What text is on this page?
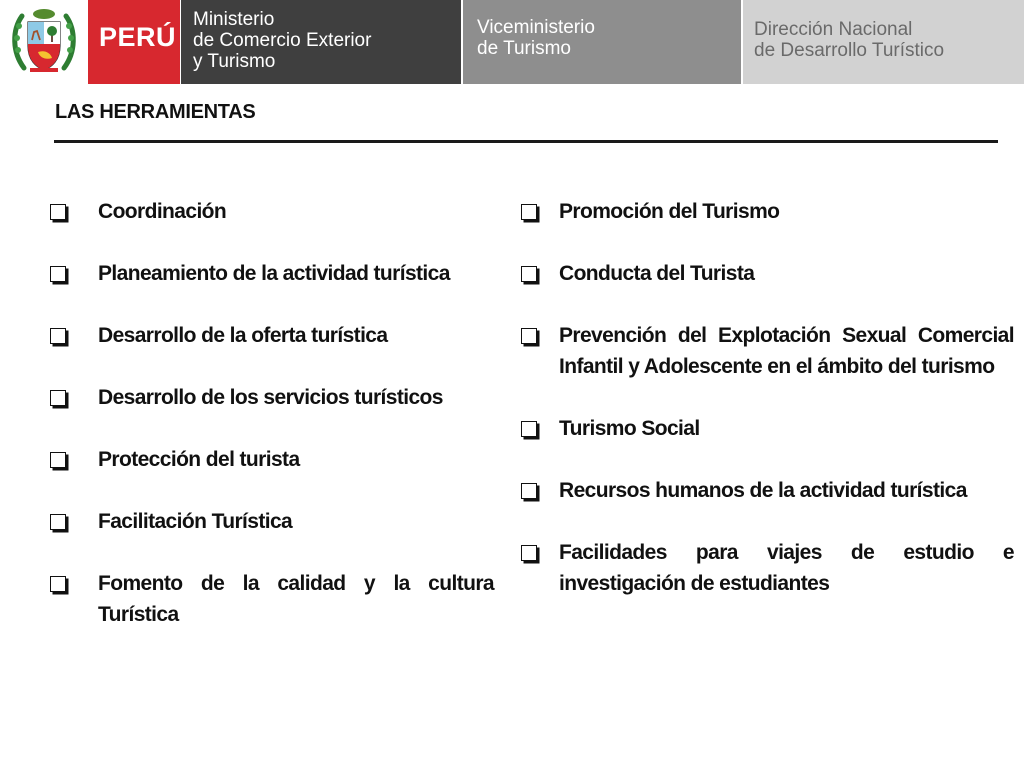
PERÚ
Ministerio
de Comercio Exterior
y Turismo
Viceministerio
de Turismo
Dirección Nacional
de Desarrollo Turístico
LAS HERRAMIENTAS
Coordinación
Planeamiento de la actividad turística
Desarrollo de la oferta turística
Desarrollo de los servicios turísticos
Protección del turista
Facilitación Turística
Fomento de la calidad y la cultura Turística
Promoción del Turismo
Conducta del Turista
Prevención del Explotación Sexual Comercial Infantil y Adolescente en el ámbito del turismo
Turismo Social
Recursos humanos de la actividad turística
Facilidades para viajes de estudio e investigación de estudiantes
